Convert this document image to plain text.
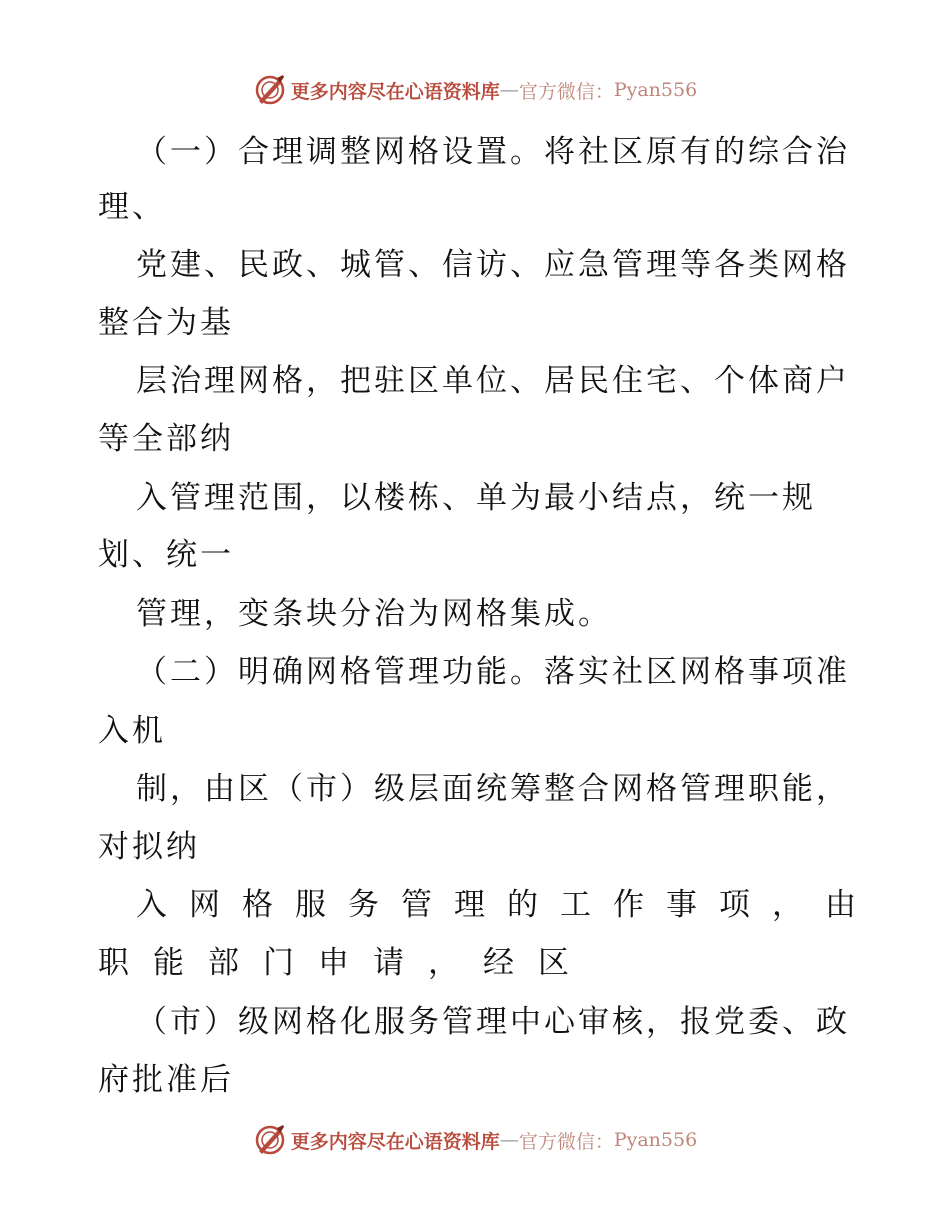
更多内容尽在心语资料库 — 官方微信： Pyan556
（一）合理调整网格设置。将社区原有的综合治
理、
党建、民政、城管、信访、应急管理等各类网格
整合为基
层治理网格，把驻区单位、居民住宅、个体商户
等全部纳
入管理范围，以楼栋、单为最小结点，统一规
划、统一
管理，变条块分治为网格集成。
（二）明确网格管理功能。落实社区网格事项准
入机
制，由区（市）级层面统筹整合网格管理职能，
对拟纳
入网格服务管理的工作事项，由
职能部门申请，经区
（市）级网格化服务管理中心审核，报党委、政
府批准后
更多内容尽在心语资料库 — 官方微信： Pyan556
